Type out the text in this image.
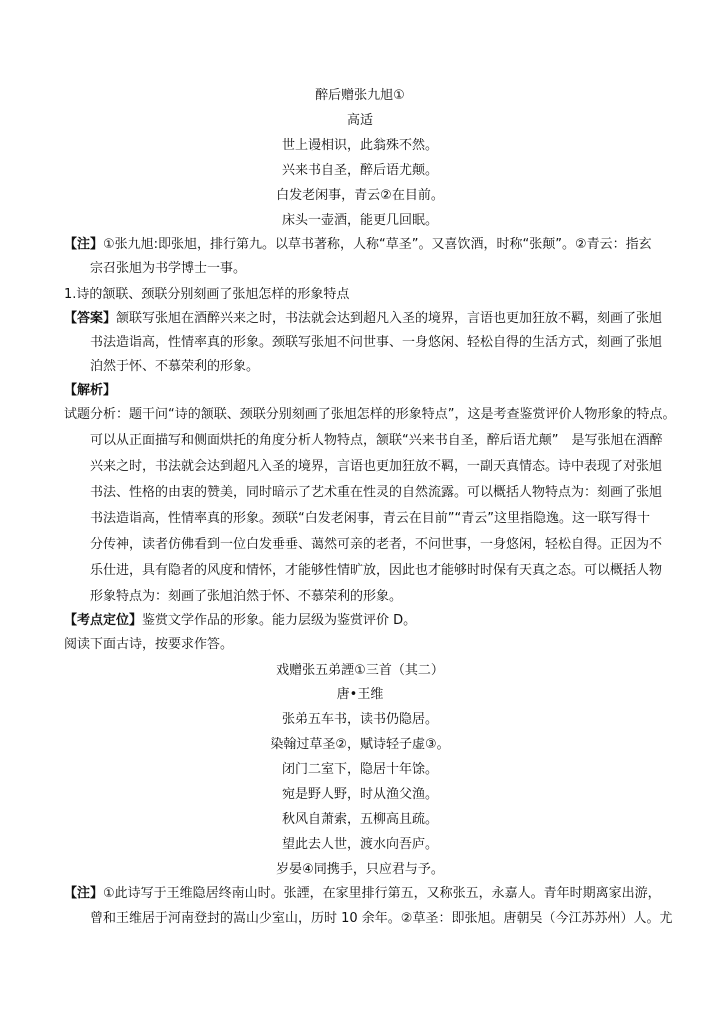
醉后赠张九旭①
高适
世上谩相识，此翁殊不然。
兴来书自圣，醉后语尤颠。
白发老闲事，青云②在目前。
床头一壶酒，能更几回眠。
【注】①张九旭:即张旭，排行第九。以草书著称，人称“草圣”。又喜饮酒，时称“张颠”。②青云：指玄
宗召张旭为书学博士一事。
1.诗的颔联、颈联分别刻画了张旭怎样的形象特点
【答案】颔联写张旭在酒醉兴来之时，书法就会达到超凡入圣的境界，言语也更加狂放不羁，刻画了张旭
书法造诣高，性情率真的形象。颈联写张旭不问世事、一身悠闲、轻松自得的生活方式，刻画了张旭
泊然于怀、不慕荣利的形象。
【解析】
试题分析：题干问“诗的颔联、颈联分别刻画了张旭怎样的形象特点”，这是考查鉴赏评价人物形象的特点。
可以从正面描写和侧面烘托的角度分析人物特点，颔联“兴来书自圣，醉后语尤颠”　是写张旭在酒醉
兴来之时，书法就会达到超凡入圣的境界，言语也更加狂放不羁，一副天真情态。诗中表现了对张旭
书法、性格的由衷的赞美，同时暗示了艺术重在性灵的自然流露。可以概括人物特点为：刻画了张旭
书法造诣高，性情率真的形象。颈联“白发老闲事，青云在目前”“青云”这里指隐逸。这一联写得十
分传神，读者仿佛看到一位白发垂垂、蔼然可亲的老者，不问世事，一身悠闲，轻松自得。正因为不
乐仕进，具有隐者的风度和情怀，才能够性情旷放，因此也才能够时时保有天真之态。可以概括人物
形象特点为：刻画了张旭泊然于怀、不慕荣利的形象。
【考点定位】鉴赏文学作品的形象。能力层级为鉴赏评价 D。
阅读下面古诗，按要求作答。
戏赠张五弟諲①三首（其二）
唐•王维
张弟五车书，读书仍隐居。
染翰过草圣②，赋诗轻子虚③。
闭门二室下，隐居十年馀。
宛是野人野，时从渔父渔。
秋风自萧索，五柳高且疏。
望此去人世，渡水向吾庐。
岁晏④同携手，只应君与予。
【注】①此诗写于王维隐居终南山时。张諲，在家里排行第五，又称张五，永嘉人。青年时期离家出游，
曾和王维居于河南登封的嵩山少室山，历时 10 余年。②草圣：即张旭。唐朝吴（今江苏苏州）人。尤
